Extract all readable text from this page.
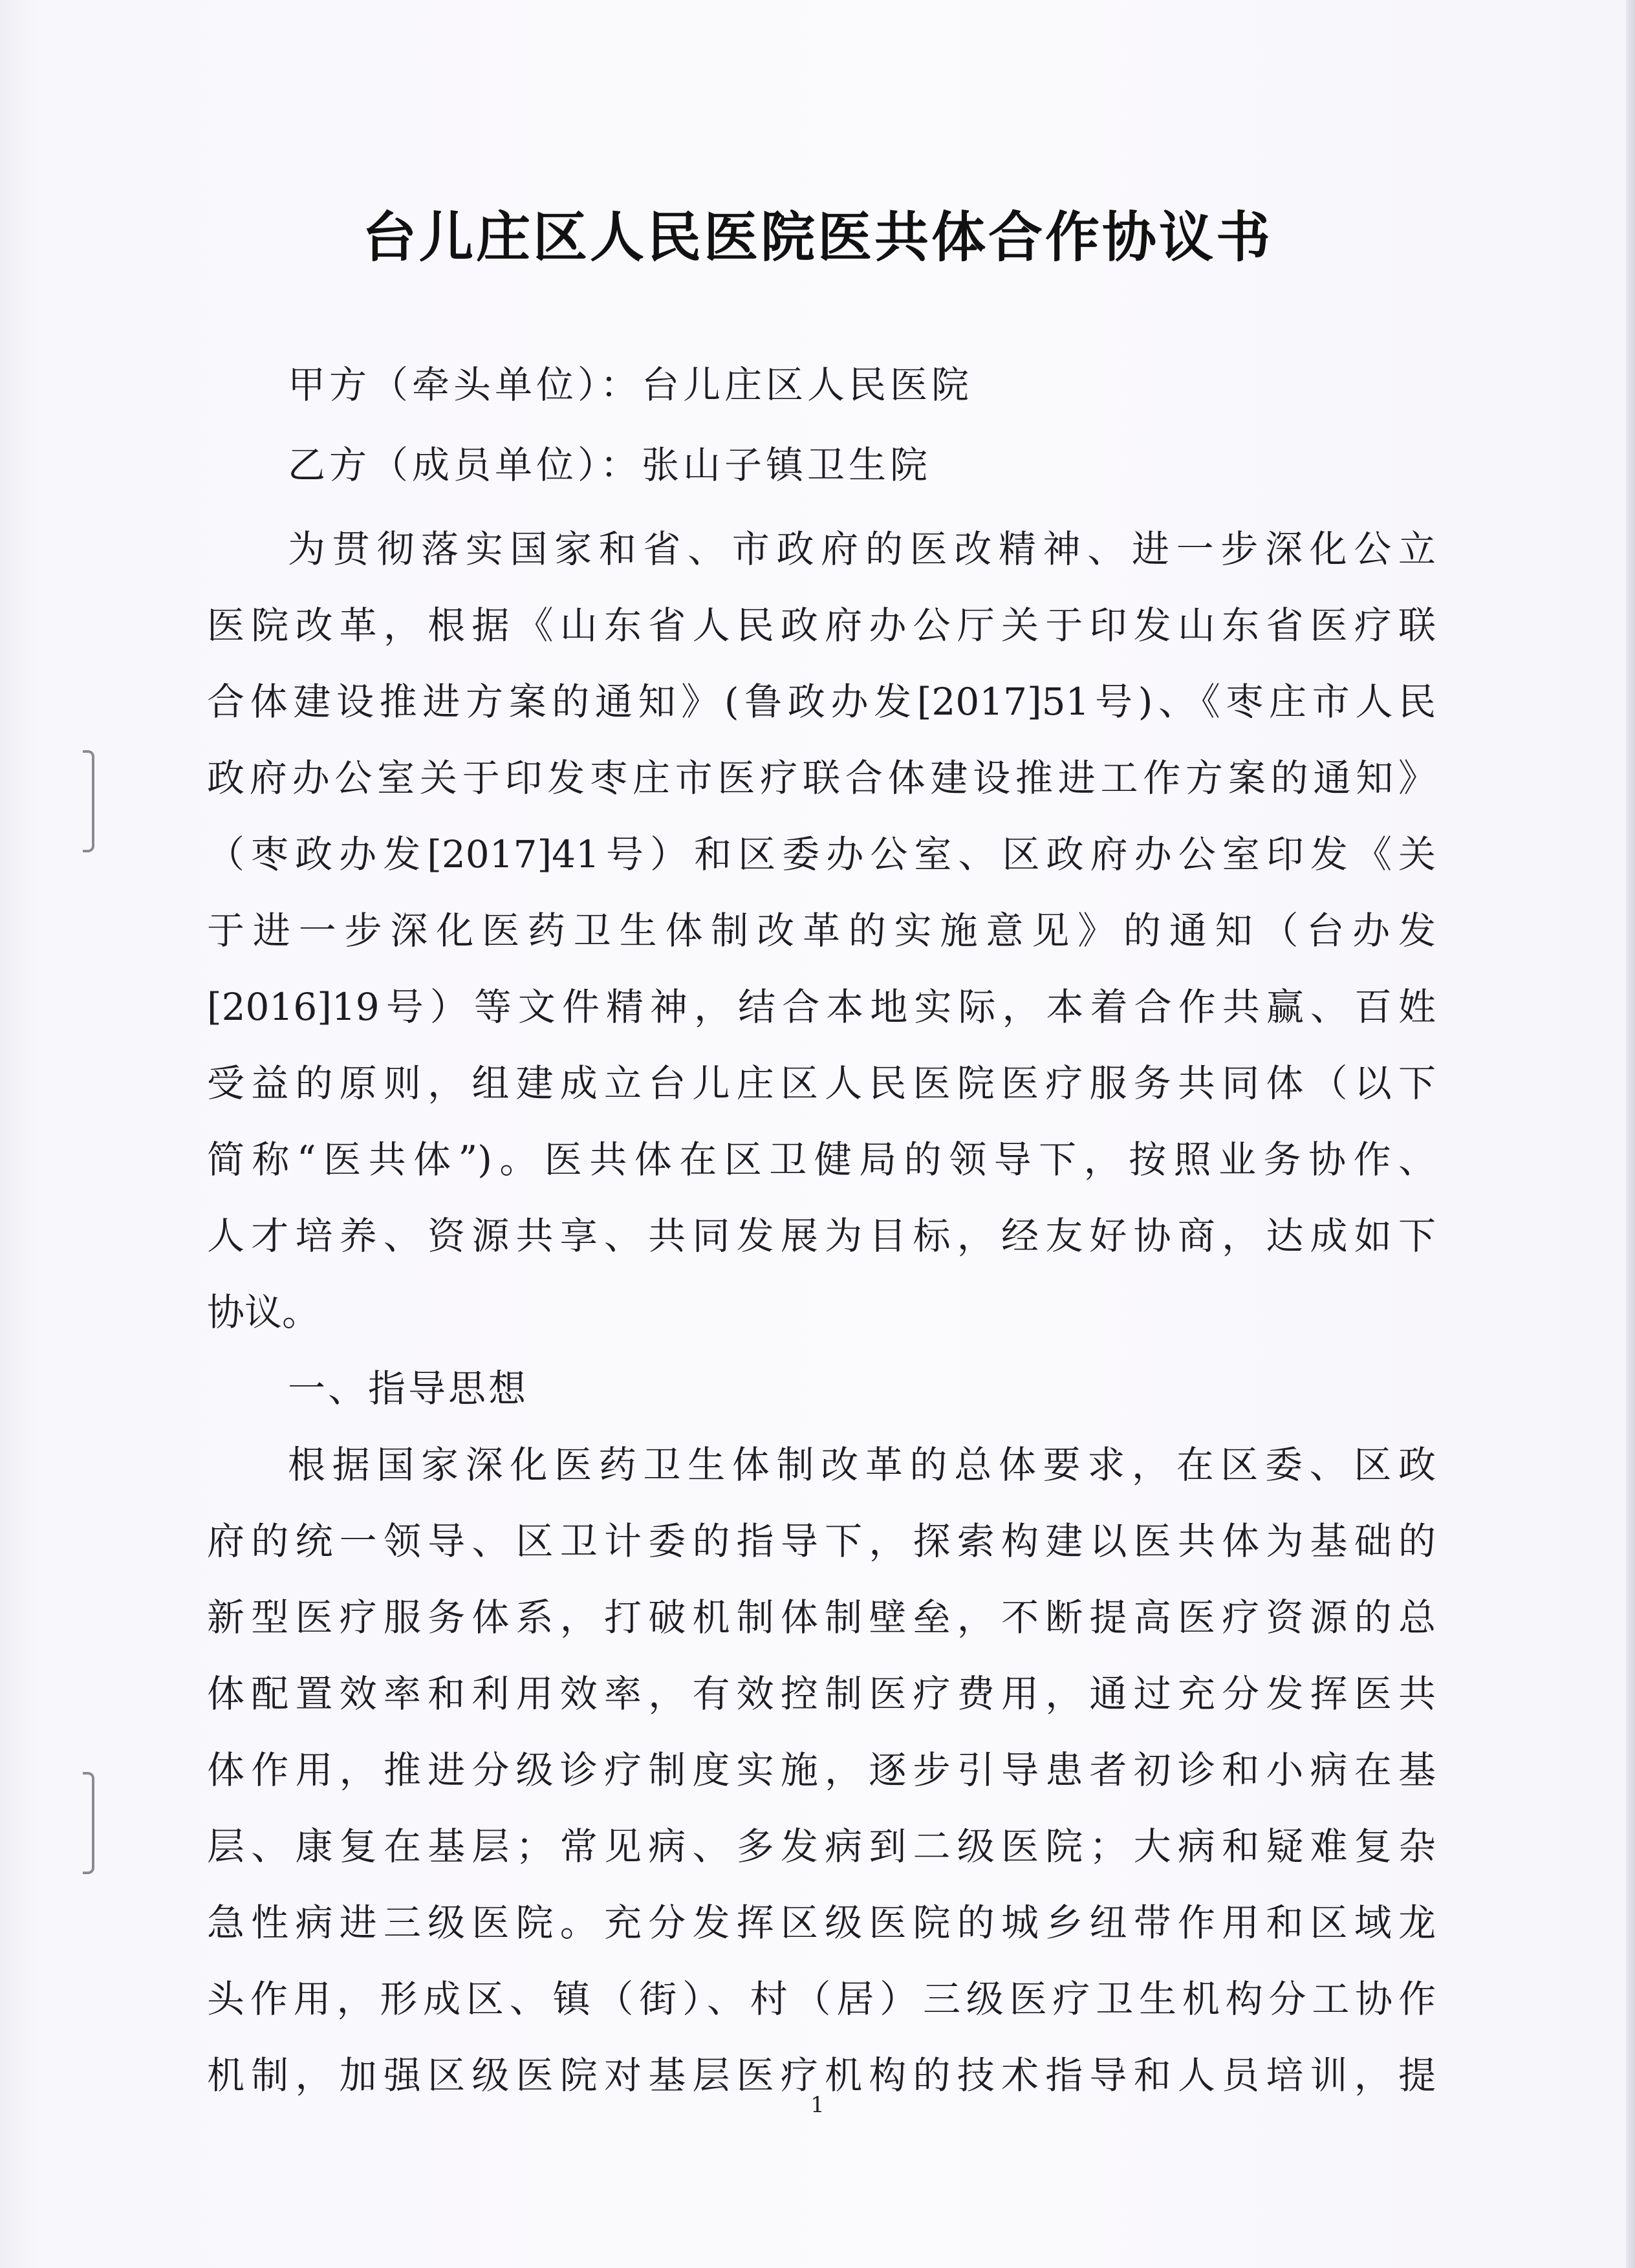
台儿庄区人民医院医共体合作协议书
甲方（牵头单位）：台儿庄区人民医院
乙方（成员单位）：张山子镇卫生院
为贯彻落实国家和省、市政府的医改精神、进一步深化公立
医院改革，根据《山东省人民政府办公厅关于印发山东省医疗联
合体建设推进方案的通知》(鲁政办发[2017]51号)、《枣庄市人民
政府办公室关于印发枣庄市医疗联合体建设推进工作方案的通知》
（枣政办发[2017]41号）和区委办公室、区政府办公室印发《关
于进一步深化医药卫生体制改革的实施意见》的通知（台办发
[2016]19号）等文件精神，结合本地实际，本着合作共赢、百姓
受益的原则，组建成立台儿庄区人民医院医疗服务共同体（以下
简称“医共体”)。医共体在区卫健局的领导下，按照业务协作、
人才培养、资源共享、共同发展为目标，经友好协商，达成如下
协议。
一、指导思想
根据国家深化医药卫生体制改革的总体要求，在区委、区政
府的统一领导、区卫计委的指导下，探索构建以医共体为基础的
新型医疗服务体系，打破机制体制壁垒，不断提高医疗资源的总
体配置效率和利用效率，有效控制医疗费用，通过充分发挥医共
体作用，推进分级诊疗制度实施，逐步引导患者初诊和小病在基
层、康复在基层；常见病、多发病到二级医院；大病和疑难复杂
急性病进三级医院。充分发挥区级医院的城乡纽带作用和区域龙
头作用，形成区、镇（街）、村（居）三级医疗卫生机构分工协作
机制，加强区级医院对基层医疗机构的技术指导和人员培训，提
1
